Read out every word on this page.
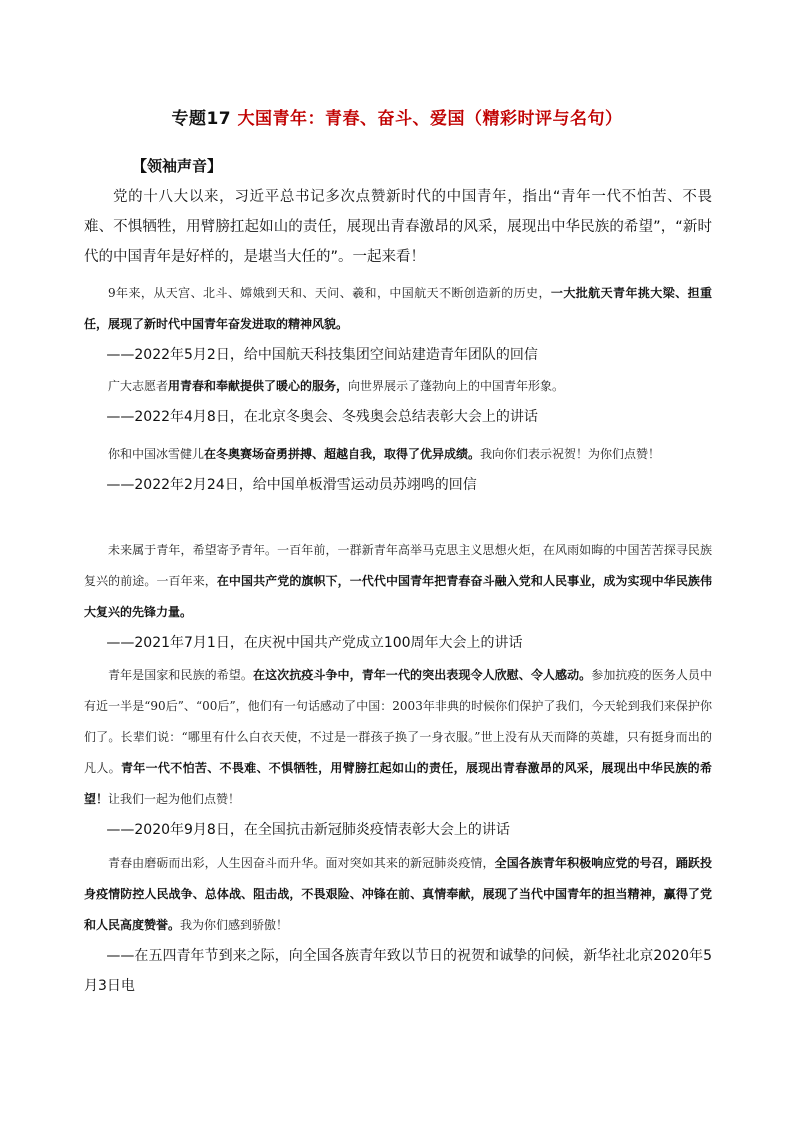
专题17 大国青年：青春、奋斗、爱国（精彩时评与名句）
【领袖声音】

党的十八大以来，习近平总书记多次点赞新时代的中国青年，指出“青年一代不怕苦、不畏难、不惧牺牲，用臂膀扛起如山的责任，展现出青春激昂的风采，展现出中华民族的希望”，“新时代的中国青年是好样的，是堪当大任的”。一起来看！

9年来，从天宫、北斗、嫦娥到天和、天问、羲和，中国航天不断创造新的历史，一大批航天青年挑大梁、担重任，展现了新时代中国青年奋发进取的精神风貌。

——2022年5月2日，给中国航天科技集团空间站建造青年团队的回信

广大志愿者用青春和奉献提供了暖心的服务，向世界展示了蓬勃向上的中国青年形象。

——2022年4月8日，在北京冬奥会、冬残奥会总结表彰大会上的讲话

你和中国冰雪健儿在冬奥赛场奋勇拼搏、超越自我，取得了优异成绩。我向你们表示祝贺！为你们点赞！

——2022年2月24日，给中国单板滑雪运动员苏翊鸣的回信

未来属于青年，希望寄予青年。一百年前，一群新青年高举马克思主义思想火炬，在风雨如晦的中国苦苦探寻民族复兴的前途。一百年来，在中国共产党的旗帜下，一代代中国青年把青春奋斗融入党和人民事业，成为实现中华民族伟大复兴的先锋力量。

——2021年7月1日，在庆祝中国共产党成立100周年大会上的讲话

青年是国家和民族的希望。在这次抗疫斗争中，青年一代的突出表现令人欣慰、令人感动。参加抗疫的医务人员中有近一半是“90后”、“00后”，他们有一句话感动了中国：2003年非典的时候你们保护了我们，今天轮到我们来保护你们了。长辈们说：“哪里有什么白衣天使，不过是一群孩子换了一身衣服。”世上没有从天而降的英雄，只有挺身而出的凡人。青年一代不怕苦、不畏难、不惧牺牲，用臂膀扛起如山的责任，展现出青春激昂的风采，展现出中华民族的希望！让我们一起为他们点赞！

——2020年9月8日，在全国抗击新冠肺炎疫情表彰大会上的讲话

青春由磨砺而出彩，人生因奋斗而升华。面对突如其来的新冠肺炎疫情，全国各族青年积极响应党的号召，踊跃投身疫情防控人民战争、总体战、阻击战，不畏艰险、冲锋在前、真情奉献，展现了当代中国青年的担当精神，赢得了党和人民高度赞誉。我为你们感到骄傲！

——在五四青年节到来之际，向全国各族青年致以节日的祝贺和诚挚的问候，新华社北京2020年5月3日电
